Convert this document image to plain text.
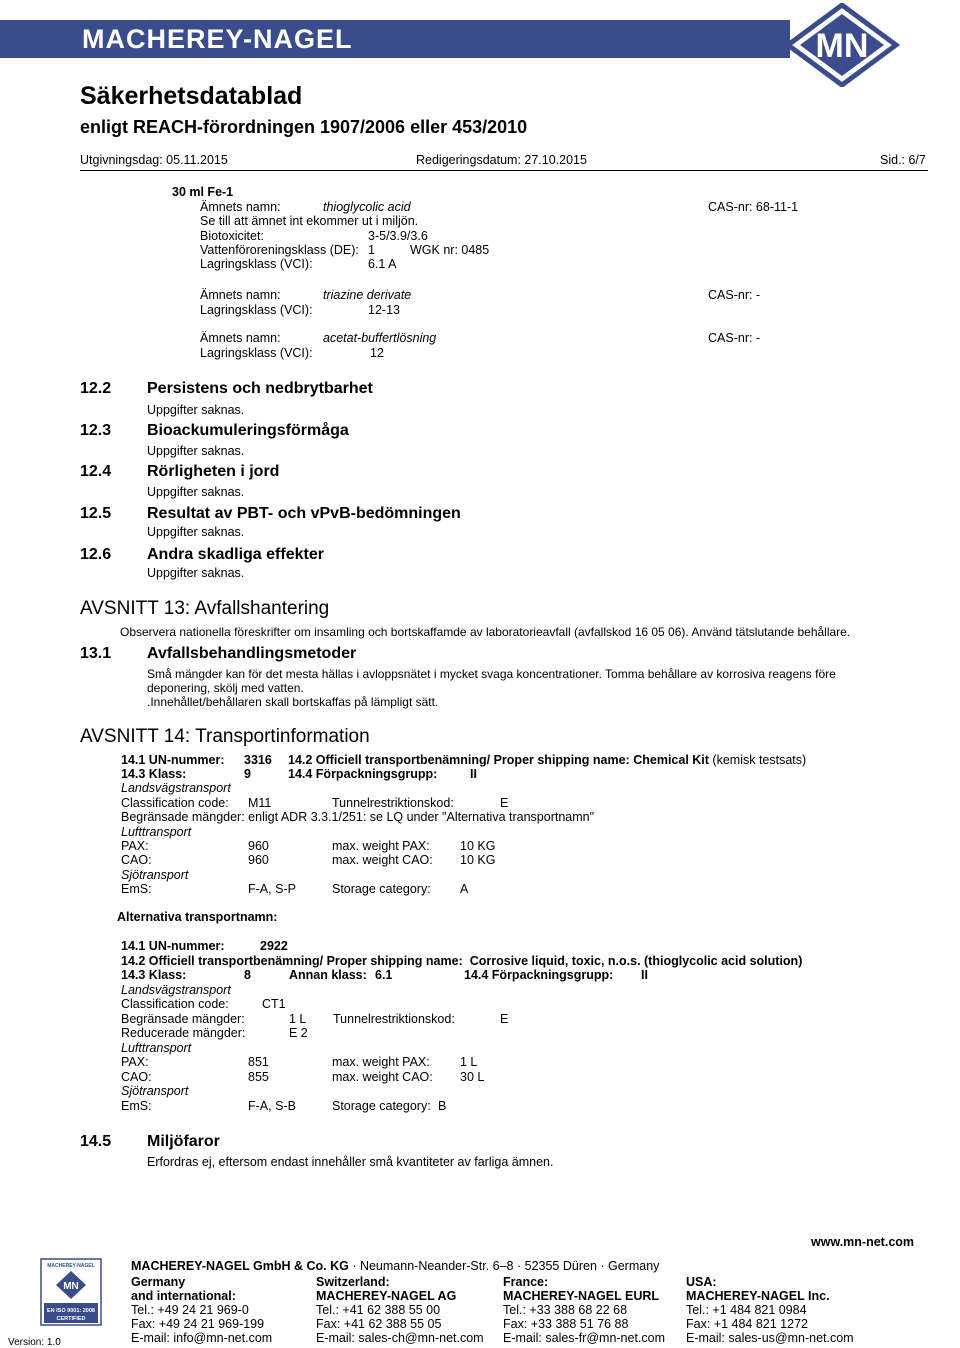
MACHEREY-NAGEL	MN
Säkerhetsdatablad
enligt REACH-förordningen 1907/2006 eller 453/2010
Utgivningsdag: 05.11.2015	Redigeringsdatum: 27.10.2015	Sid.: 6/7
30 ml Fe-1
Ämnets namn:	thioglycolic acid	CAS-nr: 68-11-1
Se till att ämnet int ekommer ut i miljön.
Biotoxicitet:	3-5/3.9/3.6
Vattenföroreningsklass (DE): 1	WGK nr: 0485
Lagringsklass (VCI):	6.1 A
Ämnets namn:	triazine derivate	CAS-nr: -
Lagringsklass (VCI):	12-13
Ämnets namn:	acetat-buffertlösning	CAS-nr: -
Lagringsklass (VCI):	12
12.2 Persistens och nedbrytbarhet
Uppgifter saknas.
12.3 Bioackumuleringsförmåga
Uppgifter saknas.
12.4 Rörligheten i jord
Uppgifter saknas.
12.5 Resultat av PBT- och vPvB-bedömningen
Uppgifter saknas.
12.6 Andra skadliga effekter
Uppgifter saknas.
AVSNITT 13: Avfallshantering
Observera nationella föreskrifter om insamling och bortskaffamde av laboratorieavfall (avfallskod 16 05 06). Använd tätslutande behållare.
13.1 Avfallsbehandlingsmetoder
Små mängder kan för det mesta hällas i avloppsnätet i mycket svaga koncentrationer. Tomma behållare av korrosiva reagens före
deponering, skölj med vatten.
.Innehållet/behållaren skall bortskaffas på lämpligt sätt.
AVSNITT 14: Transportinformation
14.1 UN-nummer: 3316 14.2 Officiell transportbenämning/ Proper shipping name: Chemical Kit (kemisk testsats)
14.3 Klass:	9	14.4 Förpackningsgrupp:	II
Landsvägstransport
Classification code: M11	Tunnelrestriktionskod:	E
Begränsade mängder: enligt ADR 3.3.1/251: se LQ under "Alternativa transportnamn"
Lufttransport
PAX:	960	max. weight PAX: 10 KG
CAO:	960	max. weight CAO: 10 KG
Sjötransport
EmS:	F-A, S-P	Storage category: A
Alternativa transportnamn:
14.1 UN-nummer:	2922
14.2 Officiell transportbenämning/ Proper shipping name: Corrosive liquid, toxic, n.o.s. (thioglycolic acid solution)
14.3 Klass:	8	Annan klass: 6.1	14.4 Förpackningsgrupp: II
Landsvägstransport
Classification code:	CT1
Begränsade mängder:	1 L Tunnelrestriktionskod:	E
Reducerade mängder:	E 2
Lufttransport
PAX:	851	max. weight PAX: 1 L
CAO:	855	max. weight CAO: 30 L
Sjötransport
EmS:	F-A, S-B	Storage category: B
14.5 Miljöfaror
Erfordras ej, eftersom endast innehåller små kvantiteter av farliga ämnen.
www.mn-net.com
MACHEREY-NAGEL GmbH & Co. KG · Neumann-Neander-Str. 6–8 · 52355 Düren · Germany
MACHEREY-NAGEL
MN
EN ISO 9001: 2008
CERTIFIED
Version: 1.0
Germany
and international:
Tel.: +49 24 21 969-0
Fax: +49 24 21 969-199
E-mail: info@mn-net.com
Switzerland:
MACHEREY-NAGEL AG
Tel.: +41 62 388 55 00
Fax: +41 62 388 55 05
E-mail: sales-ch@mn-net.com
France:
MACHEREY-NAGEL EURL
Tel.: +33 388 68 22 68
Fax: +33 388 51 76 88
E-mail: sales-fr@mn-net.com
USA:
MACHEREY-NAGEL Inc.
Tel.: +1 484 821 0984
Fax: +1 484 821 1272
E-mail: sales-us@mn-net.com
